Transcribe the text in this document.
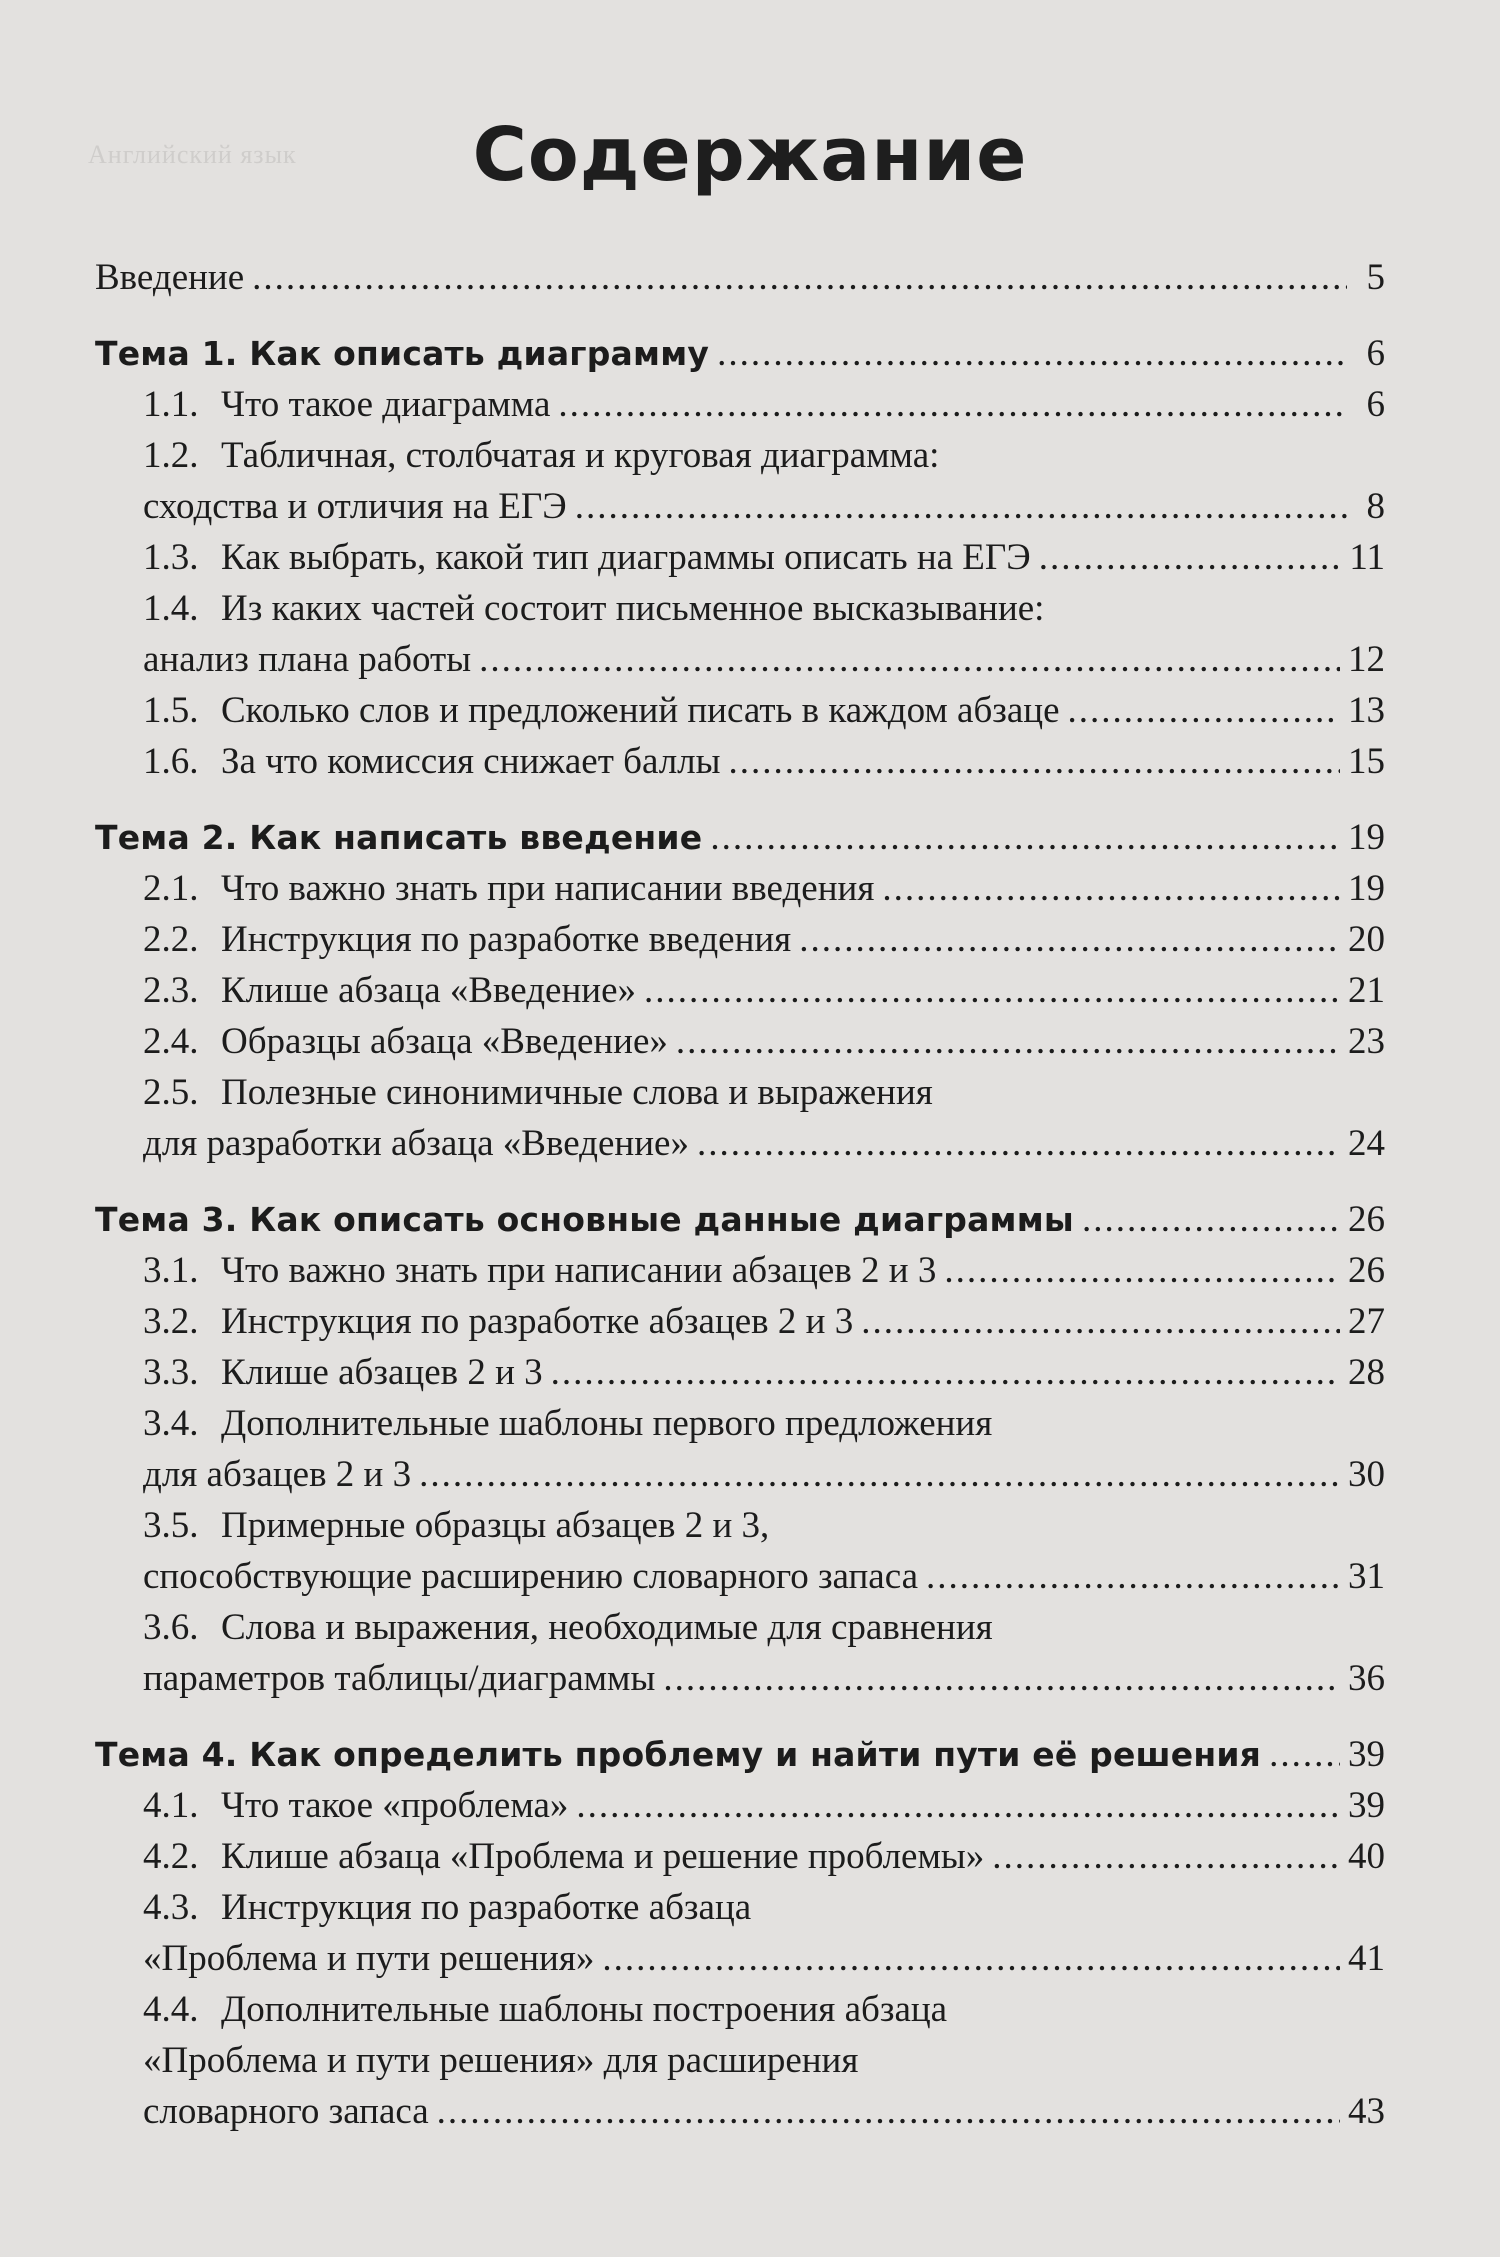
Английский язык	Содержание
Введение .....	5
Тема 1. Как описать диаграмму .....	6
1.1. Что такое диаграмма .....	6
1.2. Табличная, столбчатая и круговая диаграмма:
сходства и отличия на ЕГЭ .....	8
1.3. Как выбрать, какой тип диаграммы описать на ЕГЭ .....	11
1.4. Из каких частей состоит письменное высказывание:
анализ плана работы .....	12
1.5. Сколько слов и предложений писать в каждом абзаце .....	13
1.6. За что комиссия снижает баллы .....	15
Тема 2. Как написать введение .....	19
2.1. Что важно знать при написании введения .....	19
2.2. Инструкция по разработке введения .....	20
2.3. Клише абзаца «Введение» .....	21
2.4. Образцы абзаца «Введение» .....	23
2.5. Полезные синонимичные слова и выражения
для разработки абзаца «Введение» .....	24
Тема 3. Как описать основные данные диаграммы .....	26
3.1. Что важно знать при написании абзацев 2 и 3 .....	26
3.2. Инструкция по разработке абзацев 2 и 3 .....	27
3.3. Клише абзацев 2 и 3 .....	28
3.4. Дополнительные шаблоны первого предложения
для абзацев 2 и 3 .....	30
3.5. Примерные образцы абзацев 2 и 3,
способствующие расширению словарного запаса .....	31
3.6. Слова и выражения, необходимые для сравнения
параметров таблицы/диаграммы .....	36
Тема 4. Как определить проблему и найти пути её решения ..... 39
4.1. Что такое «проблема» .....	39
4.2. Клише абзаца «Проблема и решение проблемы» .....	40
4.3. Инструкция по разработке абзаца
«Проблема и пути решения» .....	41
4.4. Дополнительные шаблоны построения абзаца
«Проблема и пути решения» для расширения
словарного запаса .....	43
